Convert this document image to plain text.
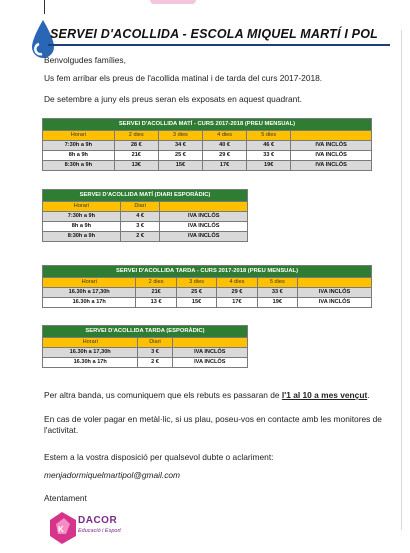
SERVEI D'ACOLLIDA - ESCOLA MIQUEL MARTÍ I POL
Benvolgudes famílies,
Us fem arribar els preus de l'acollida matinal i de tarda del curs 2017-2018.
De setembre a juny els preus seran els exposats en aquest quadrant.
SERVEI D'ACOLLIDA MATÍ - CURS 2017-2018 (PREU MENSUAL)					
Horari	2 dies	3 dies	4 dies	5 dies	
7:30h a 9h	28 €	34 €	40 €	46 €	IVA INCLÓS
8h a 9h	21€	25 €	29 €	33 €	IVA INCLÓS
8:30h a 9h	13€	15€	17€	19€	IVA INCLÓS
SERVEI D'ACOLLIDA MATÍ (DIARI ESPORÀDIC)		
Horari	Diari	
7:30h a 9h	4 €	IVA INCLÓS
8h a 9h	3 €	IVA INCLÓS
8:30h a 9h	2 €	IVA INCLÓS
SERVEI D'ACOLLIDA TARDA - CURS 2017-2018 (PREU MENSUAL)					
Horari	2 dies	3 dies	4 dies	5 dies	
16.30h a 17,30h	21€	25 €	29 €	33 €	IVA INCLÓS
16.30h a 17h	13 €	15€	17€	19€	IVA INCLÓS
SERVEI D'ACOLLIDA TARDA (ESPORÀDIC)		
Horari	Diari	
16.30h a 17,30h	3 €	IVA INCLÓS
16.30h a 17h	2 €	IVA INCLÓS
Per altra banda, us comuniquem que els rebuts es passaran de l'1 al 10 a mes vençut.
En cas de voler pagar en metàl·lic, si us plau, poseu-vos en contacte amb les monitores de l'activitat.
Estem a la vostra disposició per qualsevol dubte o aclariment:
menjadormiquelmartipol@gmail.com
Atentament
K
DACOR
Educació i Esport
